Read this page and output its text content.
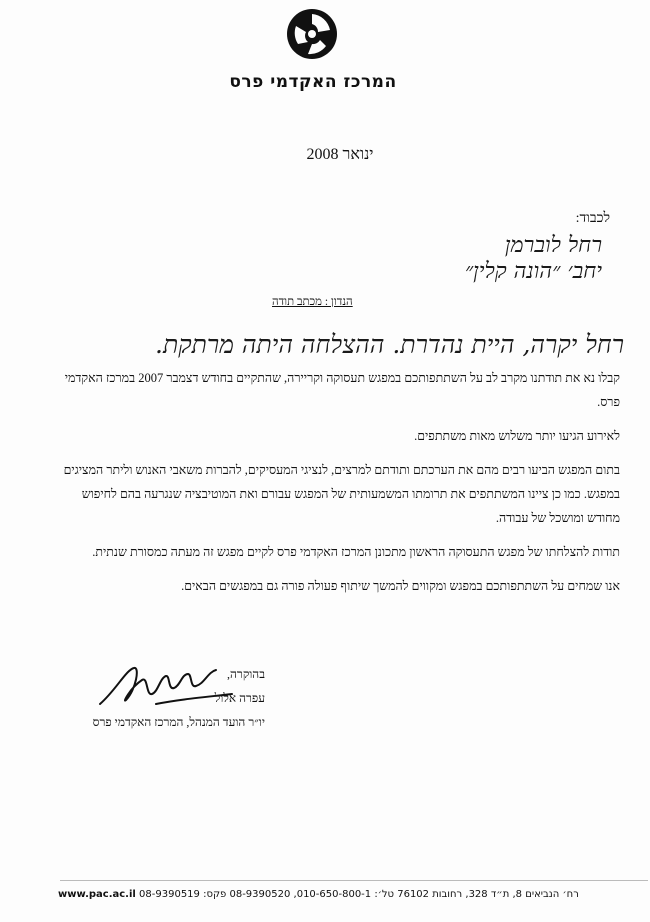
המרכז האקדמי פרס
ינואר 2008
לכבוד:
רחל לוברמן
יחב׳ ״הונה קלין״
הנדון : מכתב תודה
רחל יקרה, היית נהדרת. ההצלחה היתה מרתקת.

קבלו נא את תודתנו מקרב לב על השתתפותכם במפגש תעסוקה וקריירה, שהתקיים בחודש דצמבר 2007 במרכז האקדמי פרס.

לאירוע הגיעו יותר משלוש מאות משתתפים.

בתום המפגש הביעו רבים מהם את הערכתם ותודתם למרצים, לנציגי המעסיקים, להברות משאבי האנוש וליתר המציגים במפגש. כמו כן ציינו המשתתפים את תרומתו המשמעותית של המפגש עבורם ואת המוטיבציה שנגרעה בהם לחיפוש מחודש ומושכל של עבודה.

תודות להצלחתו של מפגש התעסוקה הראשון מתכונן המרכז האקדמי פרס לקיים מפגש זה מעתה כמסורת שנתית.

אנו שמחים על השתתפותכם במפגש ומקווים להמשך שיתוף פעולה פורה גם במפגשים הבאים.

בהוקרה,
עפרה אלול
יו״ר הועד המנהל, המרכז האקדמי פרס
www.pac.ac.il רח׳ הנביאים 8, ת״ד 328, רחובות 76102 טל׳: 010-650-800-1, 08-9390520 פקס: 08-9390519
